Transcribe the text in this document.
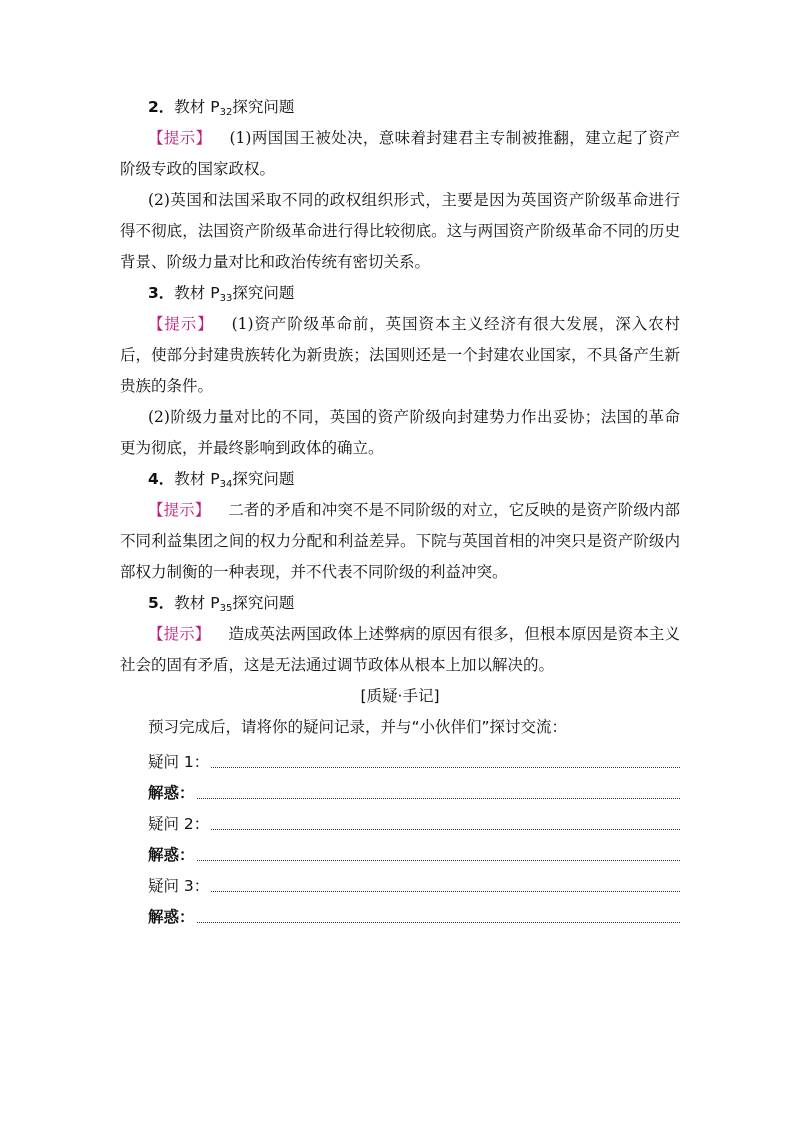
2．教材 $P_{32}$探究问题

【提示】 (1)两国国王被处决，意味着封建君主专制被推翻，建立起了资产阶级专政的国家政权。

(2)英国和法国采取不同的政权组织形式，主要是因为英国资产阶级革命进行得不彻底，法国资产阶级革命进行得比较彻底。这与两国资产阶级革命不同的历史背景、阶级力量对比和政治传统有密切关系。

3．教材 $P_{33}$探究问题

【提示】 (1)资产阶级革命前，英国资本主义经济有很大发展，深入农村后，使部分封建贵族转化为新贵族；法国则还是一个封建农业国家，不具备产生新贵族的条件。

(2)阶级力量对比的不同，英国的资产阶级向封建势力作出妥协；法国的革命更为彻底，并最终影响到政体的确立。

4．教材 $P_{34}$探究问题

【提示】 二者的矛盾和冲突不是不同阶级的对立，它反映的是资产阶级内部不同利益集团之间的权力分配和利益差异。下院与英国首相的冲突只是资产阶级内部权力制衡的一种表现，并不代表不同阶级的利益冲突。

5．教材 $P_{35}$探究问题

【提示】 造成英法两国政体上述弊病的原因有很多，但根本原因是资本主义社会的固有矛盾，这是无法通过调节政体从根本上加以解决的。

[质疑·手记]

预习完成后，请将你的疑问记录，并与“小伙伴们”探讨交流：

疑问 1：
解惑：
疑问 2：
解惑：
疑问 3：
解惑：
